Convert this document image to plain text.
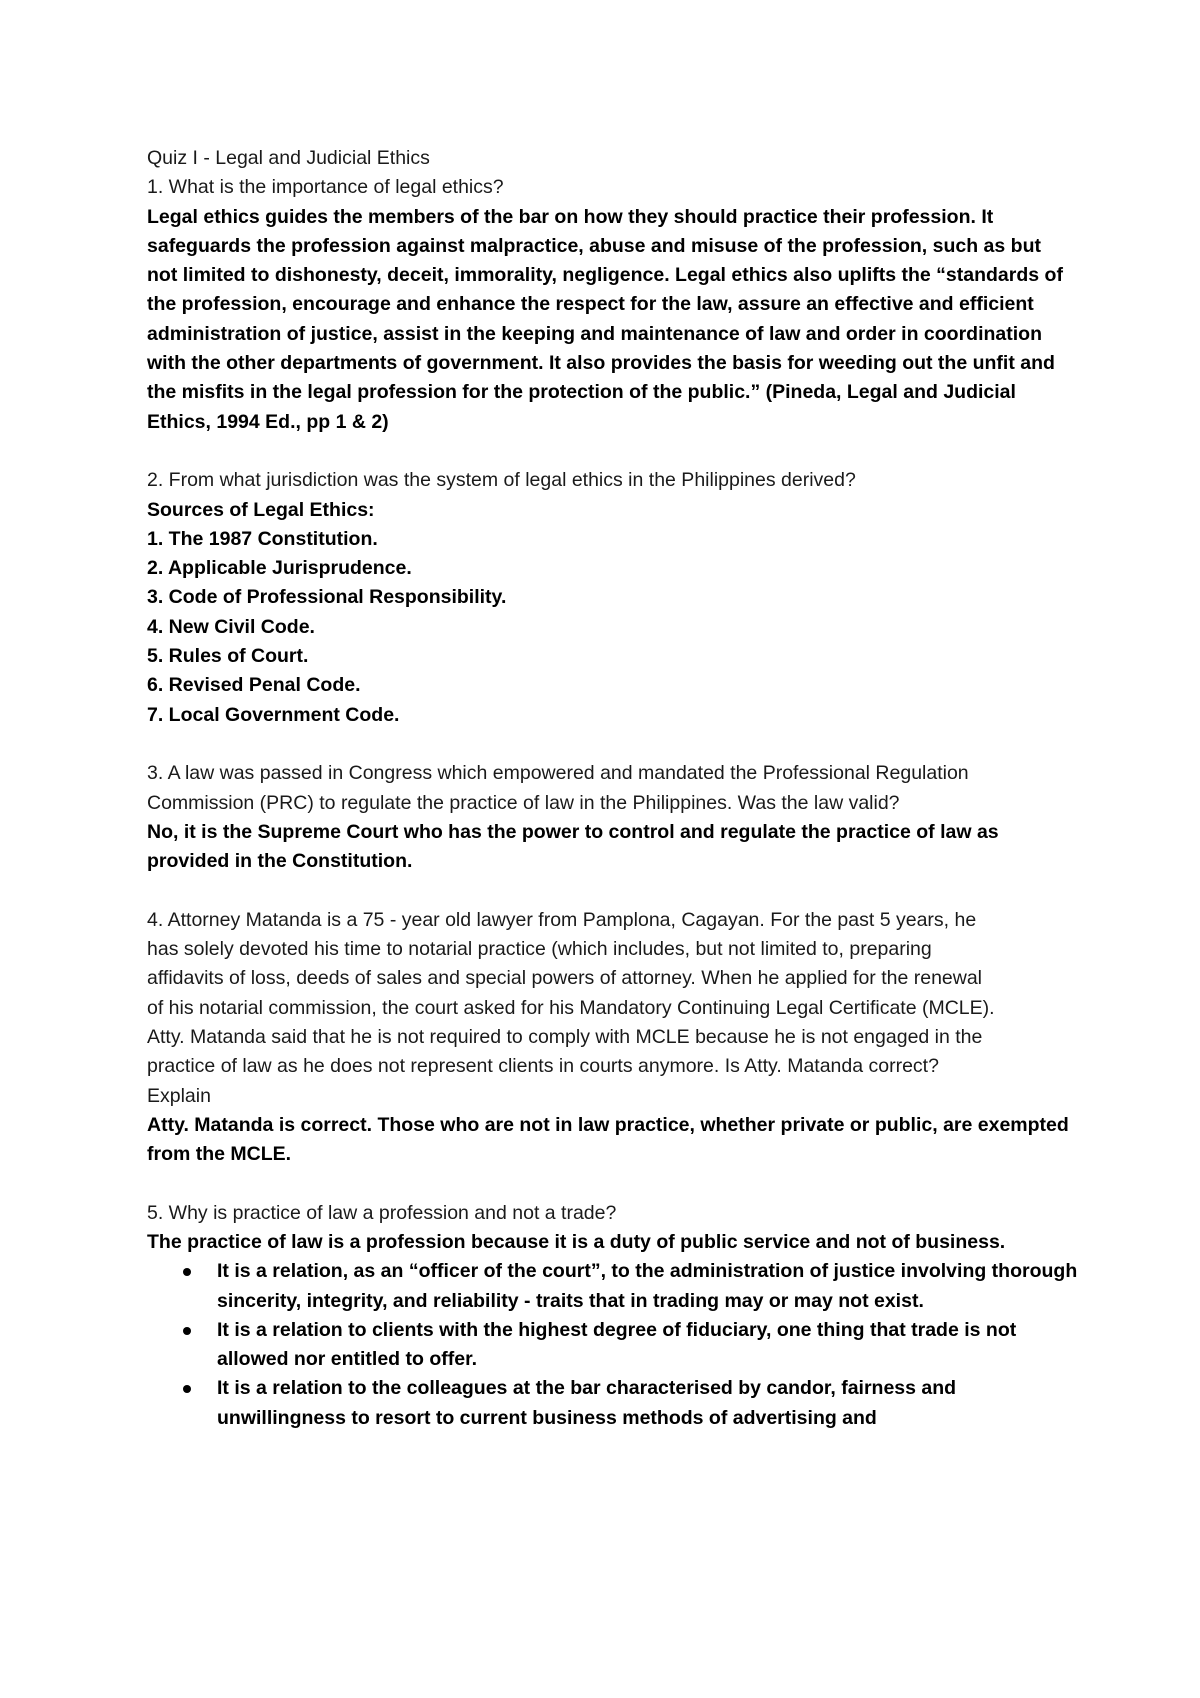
Quiz I - Legal and Judicial Ethics

1. What is the importance of legal ethics?

Legal ethics guides the members of the bar on how they should practice their profession. It safeguards the profession against malpractice, abuse and misuse of the profession, such as but not limited to dishonesty, deceit, immorality, negligence. Legal ethics also uplifts the “standards of the profession, encourage and enhance the respect for the law, assure an effective and efficient administration of justice, assist in the keeping and maintenance of law and order in coordination with the other departments of government. It also provides the basis for weeding out the unfit and the misfits in the legal profession for the protection of the public.” (Pineda, Legal and Judicial Ethics, 1994 Ed., pp 1 & 2)

2. From what jurisdiction was the system of legal ethics in the Philippines derived?

Sources of Legal Ethics:

1. The 1987 Constitution.
2. Applicable Jurisprudence.
3. Code of Professional Responsibility.
4. New Civil Code.
5. Rules of Court.
6. Revised Penal Code.
7. Local Government Code.

3. A law was passed in Congress which empowered and mandated the Professional Regulation Commission (PRC) to regulate the practice of law in the Philippines. Was the law valid?

No, it is the Supreme Court who has the power to control and regulate the practice of law as provided in the Constitution.

4. Attorney Matanda is a 75 - year old lawyer from Pamplona, Cagayan. For the past 5 years, he has solely devoted his time to notarial practice (which includes, but not limited to, preparing affidavits of loss, deeds of sales and special powers of attorney. When he applied for the renewal of his notarial commission, the court asked for his Mandatory Continuing Legal Certificate (MCLE). Atty. Matanda said that he is not required to comply with MCLE because he is not engaged in the practice of law as he does not represent clients in courts anymore. Is Atty. Matanda correct? Explain

Atty. Matanda is correct. Those who are not in law practice, whether private or public, are exempted from the MCLE.

5. Why is practice of law a profession and not a trade?

The practice of law is a profession because it is a duty of public service and not of business.

It is a relation, as an “officer of the court”, to the administration of justice involving thorough sincerity, integrity, and reliability - traits that in trading may or may not exist.
It is a relation to clients with the highest degree of fiduciary, one thing that trade is not allowed nor entitled to offer.
It is a relation to the colleagues at the bar characterised by candor, fairness and unwillingness to resort to current business methods of advertising and
